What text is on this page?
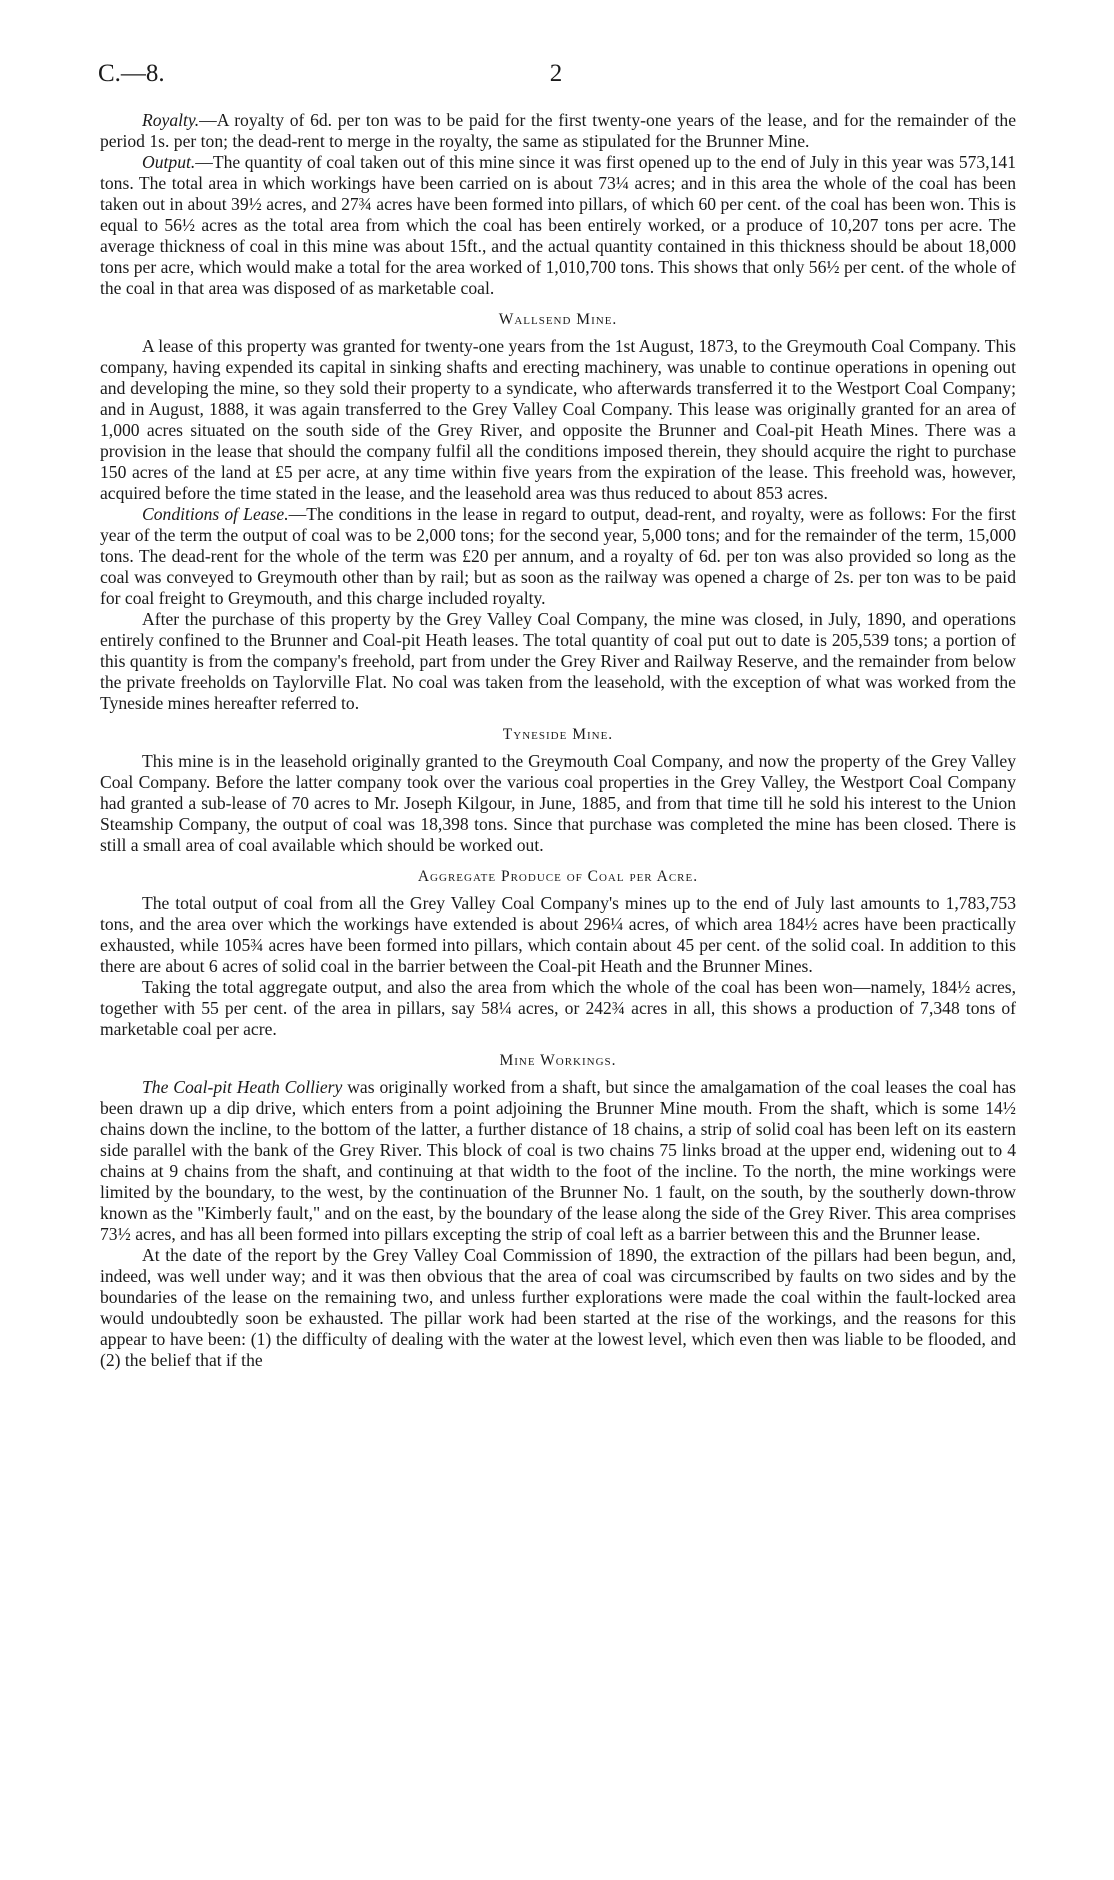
C.—8.	2

Royalty.—A royalty of 6d. per ton was to be paid for the first twenty-one years of the lease, and for the remainder of the period 1s. per ton; the dead-rent to merge in the royalty, the same as stipulated for the Brunner Mine.

Output.—The quantity of coal taken out of this mine since it was first opened up to the end of July in this year was 573,141 tons. The total area in which workings have been carried on is about 73¼ acres; and in this area the whole of the coal has been taken out in about 39½ acres, and 27¾ acres have been formed into pillars, of which 60 per cent. of the coal has been won. This is equal to 56½ acres as the total area from which the coal has been entirely worked, or a produce of 10,207 tons per acre. The average thickness of coal in this mine was about 15ft., and the actual quantity contained in this thickness should be about 18,000 tons per acre, which would make a total for the area worked of 1,010,700 tons. This shows that only 56½ per cent. of the whole of the coal in that area was disposed of as marketable coal.

Wallsend Mine.

A lease of this property was granted for twenty-one years from the 1st August, 1873, to the Greymouth Coal Company. This company, having expended its capital in sinking shafts and erecting machinery, was unable to continue operations in opening out and developing the mine, so they sold their property to a syndicate, who afterwards transferred it to the Westport Coal Company; and in August, 1888, it was again transferred to the Grey Valley Coal Company. This lease was originally granted for an area of 1,000 acres situated on the south side of the Grey River, and opposite the Brunner and Coal-pit Heath Mines. There was a provision in the lease that should the company fulfil all the conditions imposed therein, they should acquire the right to purchase 150 acres of the land at £5 per acre, at any time within five years from the expiration of the lease. This freehold was, however, acquired before the time stated in the lease, and the leasehold area was thus reduced to about 853 acres.

Conditions of Lease.—The conditions in the lease in regard to output, dead-rent, and royalty, were as follows: For the first year of the term the output of coal was to be 2,000 tons; for the second year, 5,000 tons; and for the remainder of the term, 15,000 tons. The dead-rent for the whole of the term was £20 per annum, and a royalty of 6d. per ton was also provided so long as the coal was conveyed to Greymouth other than by rail; but as soon as the railway was opened a charge of 2s. per ton was to be paid for coal freight to Greymouth, and this charge included royalty.

After the purchase of this property by the Grey Valley Coal Company, the mine was closed, in July, 1890, and operations entirely confined to the Brunner and Coal-pit Heath leases. The total quantity of coal put out to date is 205,539 tons; a portion of this quantity is from the company's freehold, part from under the Grey River and Railway Reserve, and the remainder from below the private freeholds on Taylorville Flat. No coal was taken from the leasehold, with the exception of what was worked from the Tyneside mines hereafter referred to.

Tyneside Mine.

This mine is in the leasehold originally granted to the Greymouth Coal Company, and now the property of the Grey Valley Coal Company. Before the latter company took over the various coal properties in the Grey Valley, the Westport Coal Company had granted a sub-lease of 70 acres to Mr. Joseph Kilgour, in June, 1885, and from that time till he sold his interest to the Union Steamship Company, the output of coal was 18,398 tons. Since that purchase was completed the mine has been closed. There is still a small area of coal available which should be worked out.

Aggregate Produce of Coal per Acre.

The total output of coal from all the Grey Valley Coal Company's mines up to the end of July last amounts to 1,783,753 tons, and the area over which the workings have extended is about 296¼ acres, of which area 184½ acres have been practically exhausted, while 105¾ acres have been formed into pillars, which contain about 45 per cent. of the solid coal. In addition to this there are about 6 acres of solid coal in the barrier between the Coal-pit Heath and the Brunner Mines.

Taking the total aggregate output, and also the area from which the whole of the coal has been won—namely, 184½ acres, together with 55 per cent. of the area in pillars, say 58¼ acres, or 242¾ acres in all, this shows a production of 7,348 tons of marketable coal per acre.

Mine Workings.

The Coal-pit Heath Colliery was originally worked from a shaft, but since the amalgamation of the coal leases the coal has been drawn up a dip drive, which enters from a point adjoining the Brunner Mine mouth. From the shaft, which is some 14½ chains down the incline, to the bottom of the latter, a further distance of 18 chains, a strip of solid coal has been left on its eastern side parallel with the bank of the Grey River. This block of coal is two chains 75 links broad at the upper end, widening out to 4 chains at 9 chains from the shaft, and continuing at that width to the foot of the incline. To the north, the mine workings were limited by the boundary, to the west, by the continuation of the Brunner No. 1 fault, on the south, by the southerly down-throw known as the "Kimberly fault," and on the east, by the boundary of the lease along the side of the Grey River. This area comprises 73½ acres, and has all been formed into pillars excepting the strip of coal left as a barrier between this and the Brunner lease.

At the date of the report by the Grey Valley Coal Commission of 1890, the extraction of the pillars had been begun, and, indeed, was well under way; and it was then obvious that the area of coal was circumscribed by faults on two sides and by the boundaries of the lease on the remaining two, and unless further explorations were made the coal within the fault-locked area would undoubtedly soon be exhausted. The pillar work had been started at the rise of the workings, and the reasons for this appear to have been: (1) the difficulty of dealing with the water at the lowest level, which even then was liable to be flooded, and (2) the belief that if the
